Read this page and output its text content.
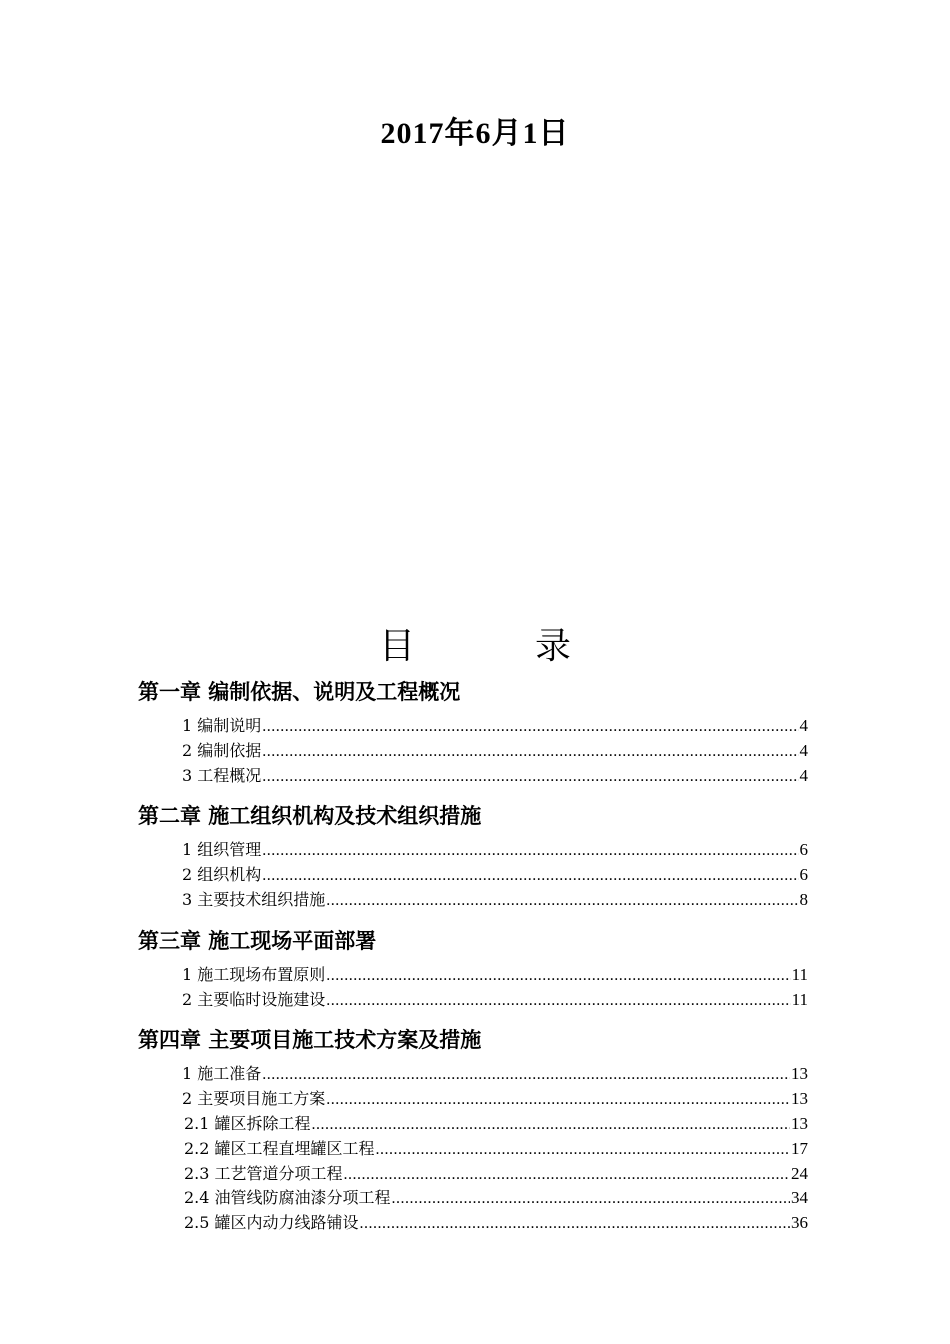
2017年6月1日
目	录
第一章 编制依据、说明及工程概况
1 编制说明 .....	4
2 编制依据 .....	4
3 工程概况 .....	4
第二章 施工组织机构及技术组织措施
1 组织管理 .....	6
2 组织机构 .....	6
3 主要技术组织措施 .....	8
第三章 施工现场平面部署
1 施工现场布置原则 .....	11
2 主要临时设施建设 .....	11
第四章 主要项目施工技术方案及措施
1 施工准备 .....	13
2 主要项目施工方案 .....	13
2.1 罐区拆除工程 .....	13
2.2 罐区工程直埋罐区工程 .....	17
2.3 工艺管道分项工程 .....	24
2.4 油管线防腐油漆分项工程 .....	34
2.5 罐区内动力线路铺设 .....	36
